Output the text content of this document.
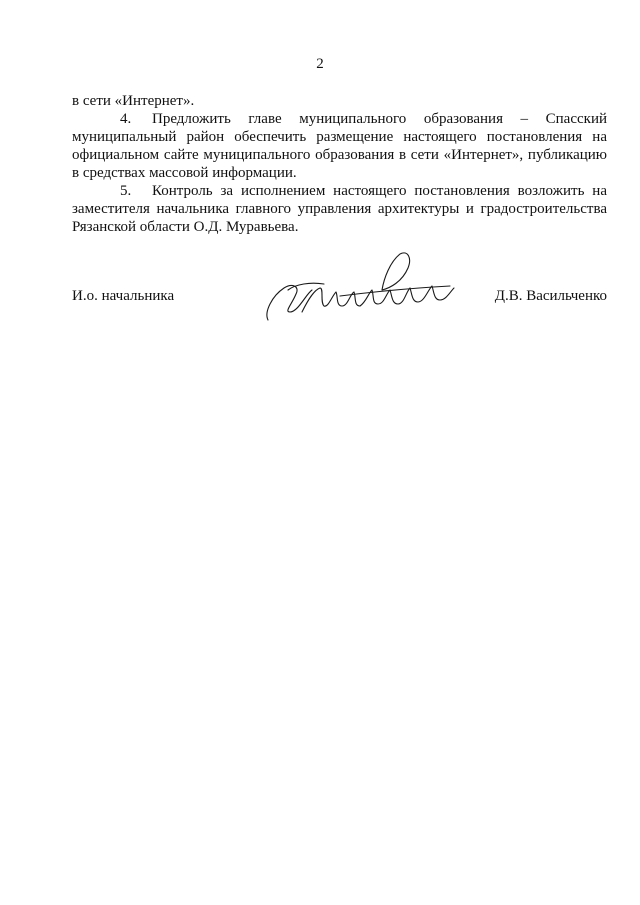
2

в сети «Интернет».

4. Предложить главе муниципального образования – Спасский муниципальный район обеспечить размещение настоящего постановления на официальном сайте муниципального образования в сети «Интернет», публикацию в средствах массовой информации.

5. Контроль за исполнением настоящего постановления возложить на заместителя начальника главного управления архитектуры и градостроительства Рязанской области О.Д. Муравьева.

И.о. начальника	Д.В. Васильченко
